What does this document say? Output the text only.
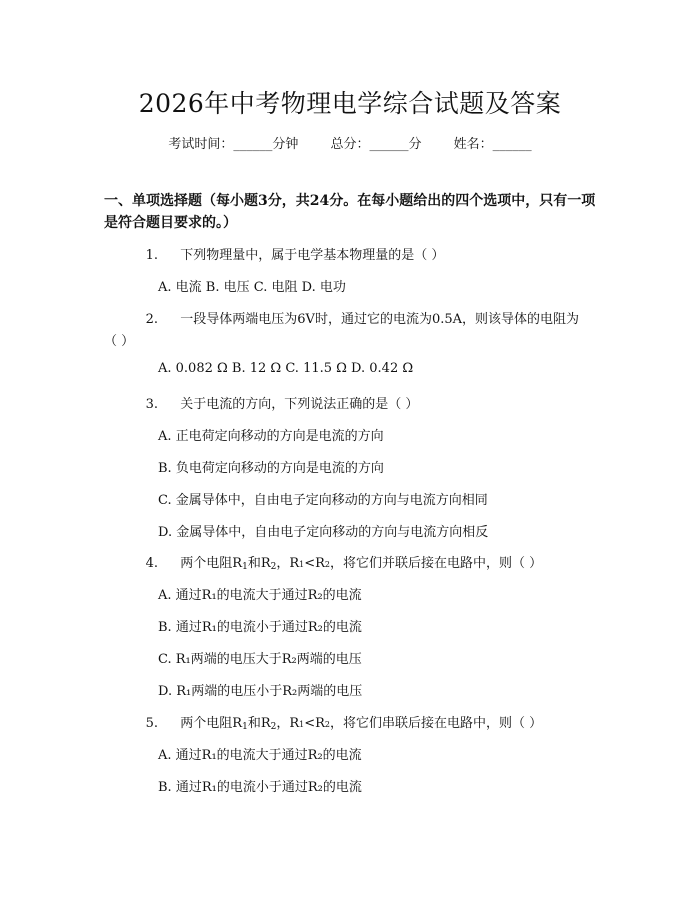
2026年中考物理电学综合试题及答案
考试时间：______分钟 总分：______分 姓名：______
一、单项选择题（每小题3分，共24分。在每小题给出的四个选项中，只有一项是符合题目要求的。）
1. 下列物理量中，属于电学基本物理量的是（ ）
A. 电流 B. 电压 C. 电阻 D. 电功
2. 一段导体两端电压为6V时，通过它的电流为0.5A，则该导体的电阻为
（ ）
A. 0.082 Ω B. 12 Ω C. 11.5 Ω D. 0.42 Ω
3. 关于电流的方向，下列说法正确的是（ ）
A. 正电荷定向移动的方向是电流的方向
B. 负电荷定向移动的方向是电流的方向
C. 金属导体中，自由电子定向移动的方向与电流方向相同
D. 金属导体中，自由电子定向移动的方向与电流方向相反
4. 两个电阻$R_1$和$R_2$，R1<R2，将它们并联后接在电路中，则（ ）
A. 通过R₁的电流大于通过R₂的电流
B. 通过R₁的电流小于通过R₂的电流
C. R₁两端的电压大于R₂两端的电压
D. R₁两端的电压小于R₂两端的电压
5. 两个电阻$R_1$和$R_2$，R1<R2，将它们串联后接在电路中，则（ ）
A. 通过R₁的电流大于通过R₂的电流
B. 通过R₁的电流小于通过R₂的电流
